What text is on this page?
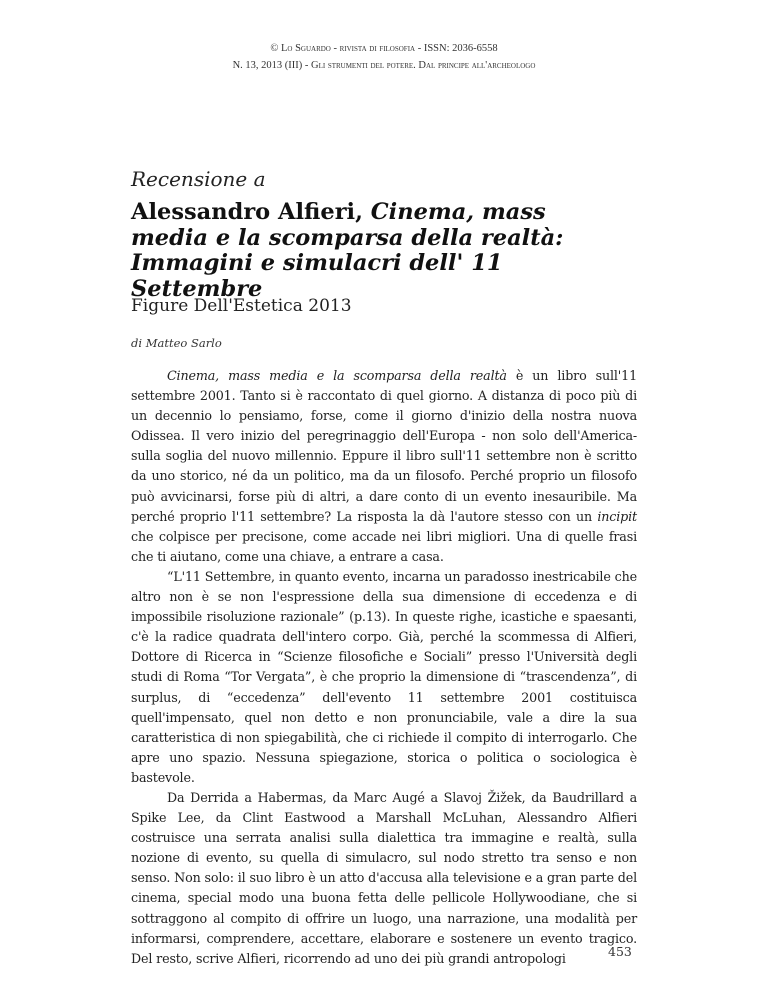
© Lo Sguardo - rivista di filosofia - ISSN: 2036-6558
N. 13, 2013 (III) - Gli strumenti del potere. Dal principe all'archeologo
Recensione a
Alessandro Alfieri, Cinema, mass media e la scomparsa della realtà: Immagini e simulacri dell' 11 Settembre
Figure Dell'Estetica 2013
di Matteo Sarlo

Cinema, mass media e la scomparsa della realtà è un libro sull'11 settembre 2001. Tanto si è raccontato di quel giorno. A distanza di poco più di un decennio lo pensiamo, forse, come il giorno d'inizio della nostra nuova Odissea. Il vero inizio del peregrinaggio dell'Europa - non solo dell'America- sulla soglia del nuovo millennio. Eppure il libro sull'11 settembre non è scritto da uno storico, né da un politico, ma da un filosofo. Perché proprio un filosofo può avvicinarsi, forse più di altri, a dare conto di un evento inesauribile. Ma perché proprio l'11 settembre? La risposta la dà l'autore stesso con un incipit che colpisce per precisone, come accade nei libri migliori. Una di quelle frasi che ti aiutano, come una chiave, a entrare a casa.

“L'11 Settembre, in quanto evento, incarna un paradosso inestricabile che altro non è se non l'espressione della sua dimensione di eccedenza e di impossibile risoluzione razionale” (p.13). In queste righe, icastiche e spaesanti, c'è la radice quadrata dell'intero corpo. Già, perché la scommessa di Alfieri, Dottore di Ricerca in “Scienze filosofiche e Sociali” presso l'Università degli studi di Roma “Tor Vergata”, è che proprio la dimensione di “trascendenza”, di surplus, di “eccedenza” dell'evento 11 settembre 2001 costituisca quell'impensato, quel non detto e non pronunciabile, vale a dire la sua caratteristica di non spiegabilità, che ci richiede il compito di interrogarlo. Che apre uno spazio. Nessuna spiegazione, storica o politica o sociologica è bastevole.

Da Derrida a Habermas, da Marc Augé a Slavoj Žižek, da Baudrillard a Spike Lee, da Clint Eastwood a Marshall McLuhan, Alessandro Alfieri costruisce una serrata analisi sulla dialettica tra immagine e realtà, sulla nozione di evento, su quella di simulacro, sul nodo stretto tra senso e non senso. Non solo: il suo libro è un atto d'accusa alla televisione e a gran parte del cinema, special modo una buona fetta delle pellicole Hollywoodiane, che si sottraggono al compito di offrire un luogo, una narrazione, una modalità per informarsi, comprendere, accettare, elaborare e sostenere un evento tragico. Del resto, scrive Alfieri, ricorrendo ad uno dei più grandi antropologi	453
